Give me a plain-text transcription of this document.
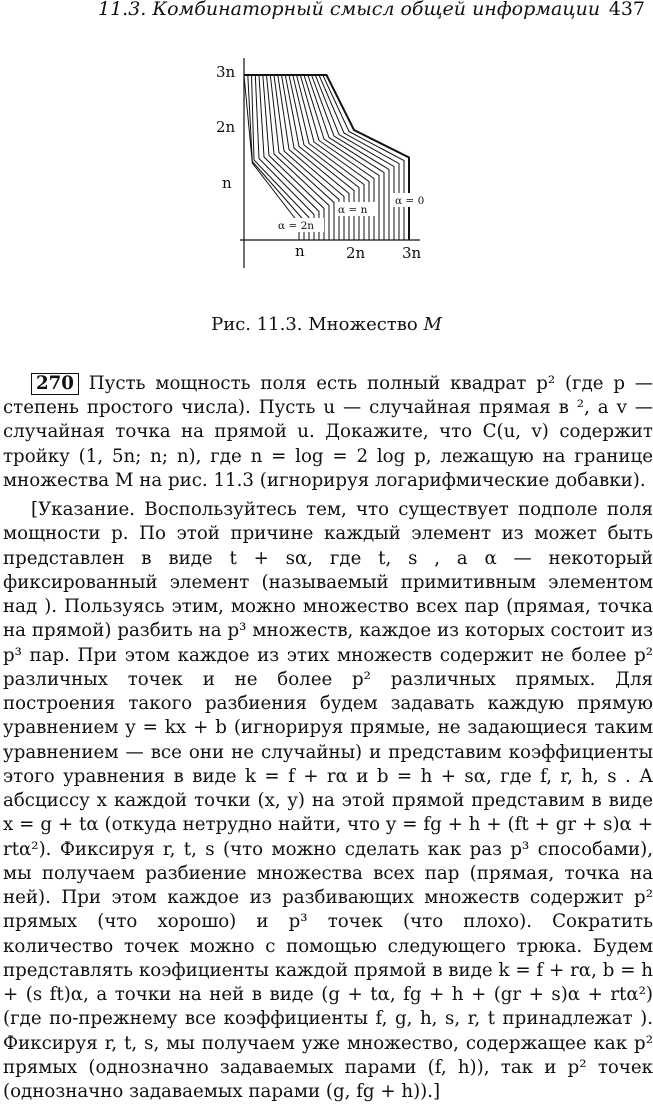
11.3. Комбинаторный смысл общей информации 437
3n
2n
n
n	2n 3n
α = 2n
α = n
α = 0
Рис. 11.3. Множество M

270 Пусть мощность поля есть полный квадрат p² (где p — степень простого числа). Пусть u — случайная прямая в ², а v — случайная точка на прямой u. Докажите, что C(u, v) содержит тройку (1, 5n; n; n), где n = log = 2 log p, лежащую на границе множества M на рис. 11.3 (игнорируя логарифмические добавки).

[Указание. Воспользуйтесь тем, что существует подполе поля мощности p. По этой причине каждый элемент из может быть представлен в виде t + sα, где t, s , а α — некоторый фиксированный элемент (называемый примитивным элементом над ). Пользуясь этим, можно множество всех пар (прямая, точка на прямой) разбить на p³ множеств, каждое из которых состоит из p³ пар. При этом каждое из этих множеств содержит не более p² различных точек и не более p² различных прямых. Для построения такого разбиения будем задавать каждую прямую уравнением y = kx + b (игнорируя прямые, не задающиеся таким уравнением — все они не случайны) и представим коэффициенты этого уравнения в виде k = f + rα и b = h + sα, где f, r, h, s . А абсциссу x каждой точки (x, y) на этой прямой представим в виде x = g + tα (откуда нетрудно найти, что y = fg + h + (ft + gr + s)α + rtα²). Фиксируя r, t, s (что можно сделать как раз p³ способами), мы получаем разбиение множества всех пар (прямая, точка на ней). При этом каждое из разбивающих множеств содержит p² прямых (что хорошо) и p³ точек (что плохо). Сократить количество точек можно с помощью следующего трюка. Будем представлять коэфициенты каждой прямой в виде k = f + rα, b = h + (s ft)α, а точки на ней в виде (g + tα, fg + h + (gr + s)α + rtα²) (где по-прежнему все коэффициенты f, g, h, s, r, t принадлежат ). Фиксируя r, t, s, мы получаем уже множество, содержащее как p² прямых (однозначно задаваемых парами (f, h)), так и p² точек (однозначно задаваемых парами (g, fg + h)).]
